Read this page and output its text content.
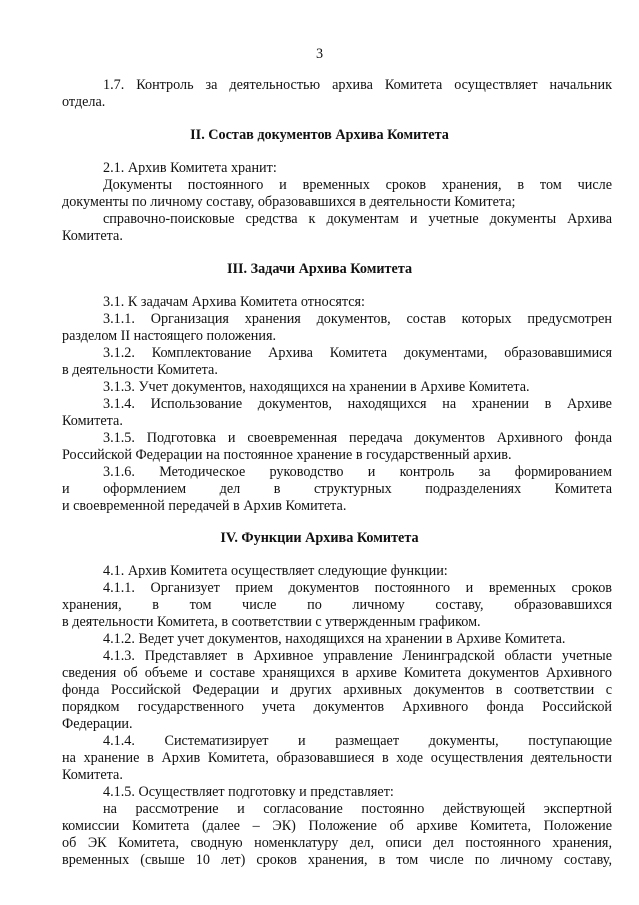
3
1.7. Контроль за деятельностью архива Комитета осуществляет начальник
отдела.
II. Состав документов Архива Комитета
2.1. Архив Комитета хранит:
Документы постоянного и временных сроков хранения, в том числе
документы по личному составу, образовавшихся в деятельности Комитета;
справочно-поисковые средства к документам и учетные документы Архива
Комитета.
III. Задачи Архива Комитета
3.1. К задачам Архива Комитета относятся:
3.1.1. Организация хранения документов, состав которых предусмотрен
разделом II настоящего положения.
3.1.2. Комплектование Архива Комитета документами, образовавшимися
в деятельности Комитета.
3.1.3. Учет документов, находящихся на хранении в Архиве Комитета.
3.1.4. Использование документов, находящихся на хранении в Архиве
Комитета.
3.1.5. Подготовка и своевременная передача документов Архивного фонда
Российской Федерации на постоянное хранение в государственный архив.
3.1.6. Методическое руководство и контроль за формированием
и оформлением дел в структурных подразделениях Комитета
и своевременной передачей в Архив Комитета.
IV. Функции Архива Комитета
4.1. Архив Комитета осуществляет следующие функции:
4.1.1. Организует прием документов постоянного и временных сроков
хранения, в том числе по личному составу, образовавшихся
в деятельности Комитета, в соответствии с утвержденным графиком.
4.1.2. Ведет учет документов, находящихся на хранении в Архиве Комитета.
4.1.3. Представляет в Архивное управление Ленинградской области учетные
сведения об объеме и составе хранящихся в архиве Комитета документов Архивного
фонда Российской Федерации и других архивных документов в соответствии с
порядком государственного учета документов Архивного фонда Российской
Федерации.
4.1.4. Систематизирует и размещает документы, поступающие
на хранение в Архив Комитета, образовавшиеся в ходе осуществления деятельности
Комитета.
4.1.5. Осуществляет подготовку и представляет:
на рассмотрение и согласование постоянно действующей экспертной
комиссии Комитета (далее – ЭК) Положение об архиве Комитета, Положение
об ЭК Комитета, сводную номенклатуру дел, описи дел постоянного хранения,
временных (свыше 10 лет) сроков хранения, в том числе по личному составу,
